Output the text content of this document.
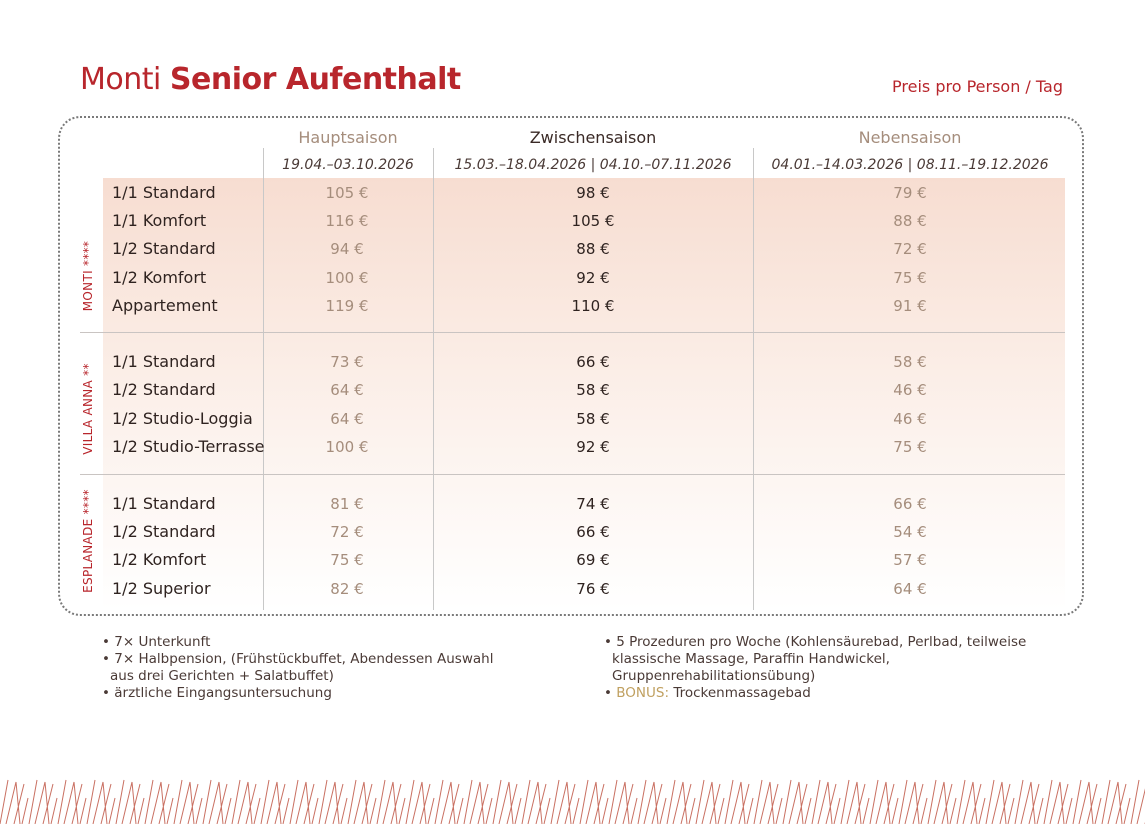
Monti Senior Aufenthalt	Preis pro Person / Tag
Hauptsaison	Zwischensaison	Nebensaison
19.04.–03.10.2026	15.03.–18.04.2026 | 04.10.–07.11.2026	04.01.–14.03.2026 | 08.11.–19.12.2026
MONTI ****
VILLA ANNA **
ESPLANADE ****
1/1 Standard	105 €	98 €	79 €
1/1 Komfort	116 €	105 €	88 €
1/2 Standard	94 €	88 €	72 €
1/2 Komfort	100 €	92 €	75 €
Appartement	119 €	110 €	91 €
1/1 Standard	73 €	66 €	58 €
1/2 Standard	64 €	58 €	46 €
1/2 Studio-Loggia	64 €	58 €	46 €
1/2 Studio-Terrasse	100 €	92 €	75 €
1/1 Standard	81 €	74 €	66 €
1/2 Standard	72 €	66 €	54 €
1/2 Komfort	75 €	69 €	57 €
1/2 Superior	82 €	76 €	64 €
• 7× Unterkunft
• 7× Halbpension, (Frühstückbuffet, Abendessen Auswahl
aus drei Gerichten + Salatbuffet)
• ärztliche Eingangsuntersuchung
• 5 Prozeduren pro Woche (Kohlensäurebad, Perlbad, teilweise
klassische Massage, Paraffin Handwickel,
Gruppenrehabilitationsübung)
• BONUS: Trockenmassagebad
